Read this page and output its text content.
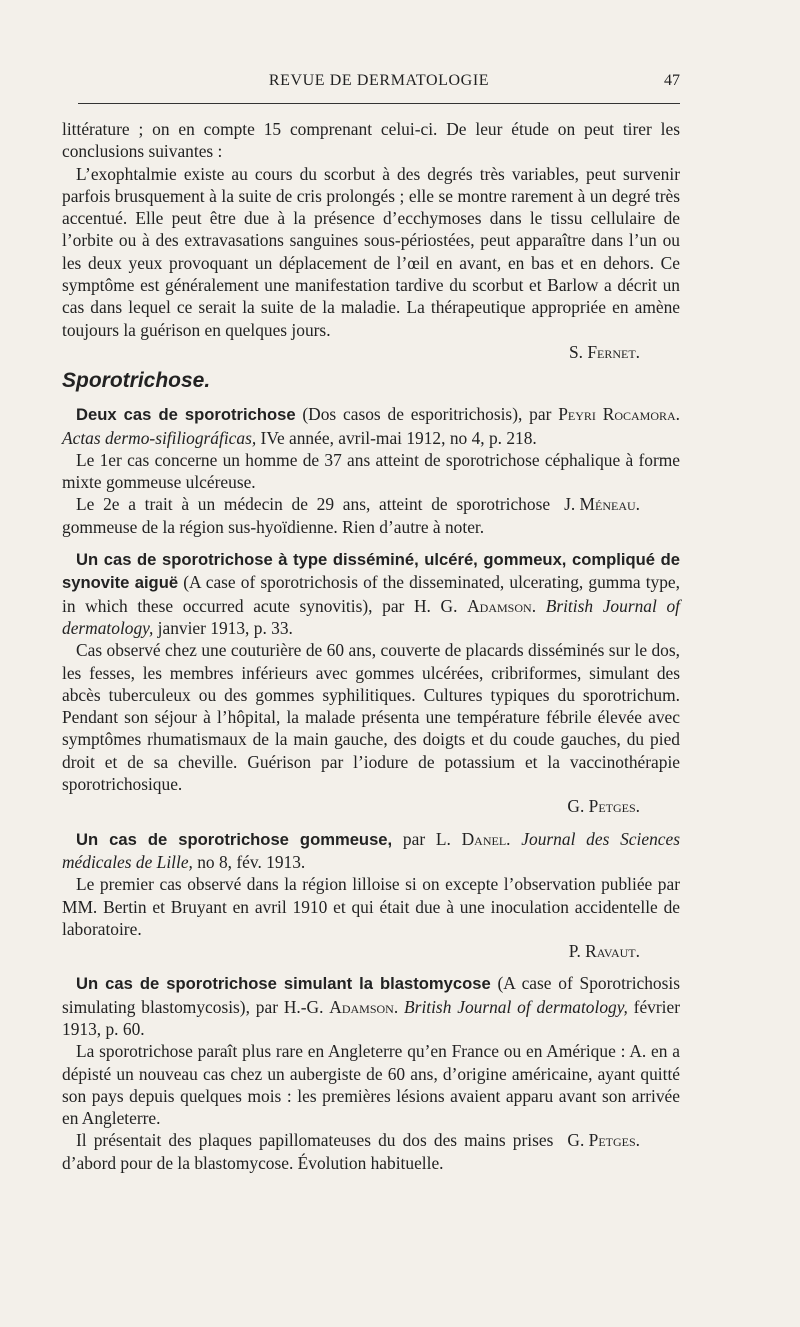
REVUE DE DERMATOLOGIE	47

littérature ; on en compte 15 comprenant celui-ci. De leur étude on peut tirer les conclusions suivantes :

L’exophtalmie existe au cours du scorbut à des degrés très variables, peut survenir parfois brusquement à la suite de cris prolongés ; elle se montre rarement à un degré très accentué. Elle peut être due à la présence d’ecchymoses dans le tissu cellulaire de l’orbite ou à des extravasations sanguines sous-périostées, peut apparaître dans l’un ou les deux yeux provoquant un déplacement de l’œil en avant, en bas et en dehors. Ce symptôme est généralement une manifestation tardive du scorbut et Barlow a décrit un cas dans lequel ce serait la suite de la maladie. La thérapeutique appropriée en amène toujours la guérison en quelques jours.

S. Fernet.

Sporotrichose.

Deux cas de sporotrichose (Dos casos de esporitrichosis), par Peyri Rocamora. Actas dermo-sifiliográficas, IVe année, avril-mai 1912, no 4, p. 218.

Le 1er cas concerne un homme de 37 ans atteint de sporotrichose céphalique à forme mixte gommeuse ulcéreuse.

J. Méneau.
Le 2e a trait à un médecin de 29 ans, atteint de sporotrichose gommeuse de la région sus-hyoïdienne. Rien d’autre à noter.

Un cas de sporotrichose à type disséminé, ulcéré, gommeux, compliqué de synovite aiguë (A case of sporotrichosis of the disseminated, ulcerating, gumma type, in which these occurred acute synovitis), par H. G. Adamson. British Journal of dermatology, janvier 1913, p. 33.

Cas observé chez une couturière de 60 ans, couverte de placards disséminés sur le dos, les fesses, les membres inférieurs avec gommes ulcérées, cribriformes, simulant des abcès tuberculeux ou des gommes syphilitiques. Cultures typiques du sporotrichum. Pendant son séjour à l’hôpital, la malade présenta une température fébrile élevée avec symptômes rhumatismaux de la main gauche, des doigts et du coude gauches, du pied droit et de sa cheville. Guérison par l’iodure de potassium et la vaccinothérapie sporotrichosique.

G. Petges.

Un cas de sporotrichose gommeuse, par L. Danel. Journal des Sciences médicales de Lille, no 8, fév. 1913.

Le premier cas observé dans la région lilloise si on excepte l’observation publiée par MM. Bertin et Bruyant en avril 1910 et qui était due à une inoculation accidentelle de laboratoire.

P. Ravaut.

Un cas de sporotrichose simulant la blastomycose (A case of Sporotrichosis simulating blastomycosis), par H.-G. Adamson. British Journal of dermatology, février 1913, p. 60.

La sporotrichose paraît plus rare en Angleterre qu’en France ou en Amérique : A. en a dépisté un nouveau cas chez un aubergiste de 60 ans, d’origine américaine, ayant quitté son pays depuis quelques mois : les premières lésions avaient apparu avant son arrivée en Angleterre.

G. Petges.
Il présentait des plaques papillomateuses du dos des mains prises d’abord pour de la blastomycose. Évolution habituelle.
